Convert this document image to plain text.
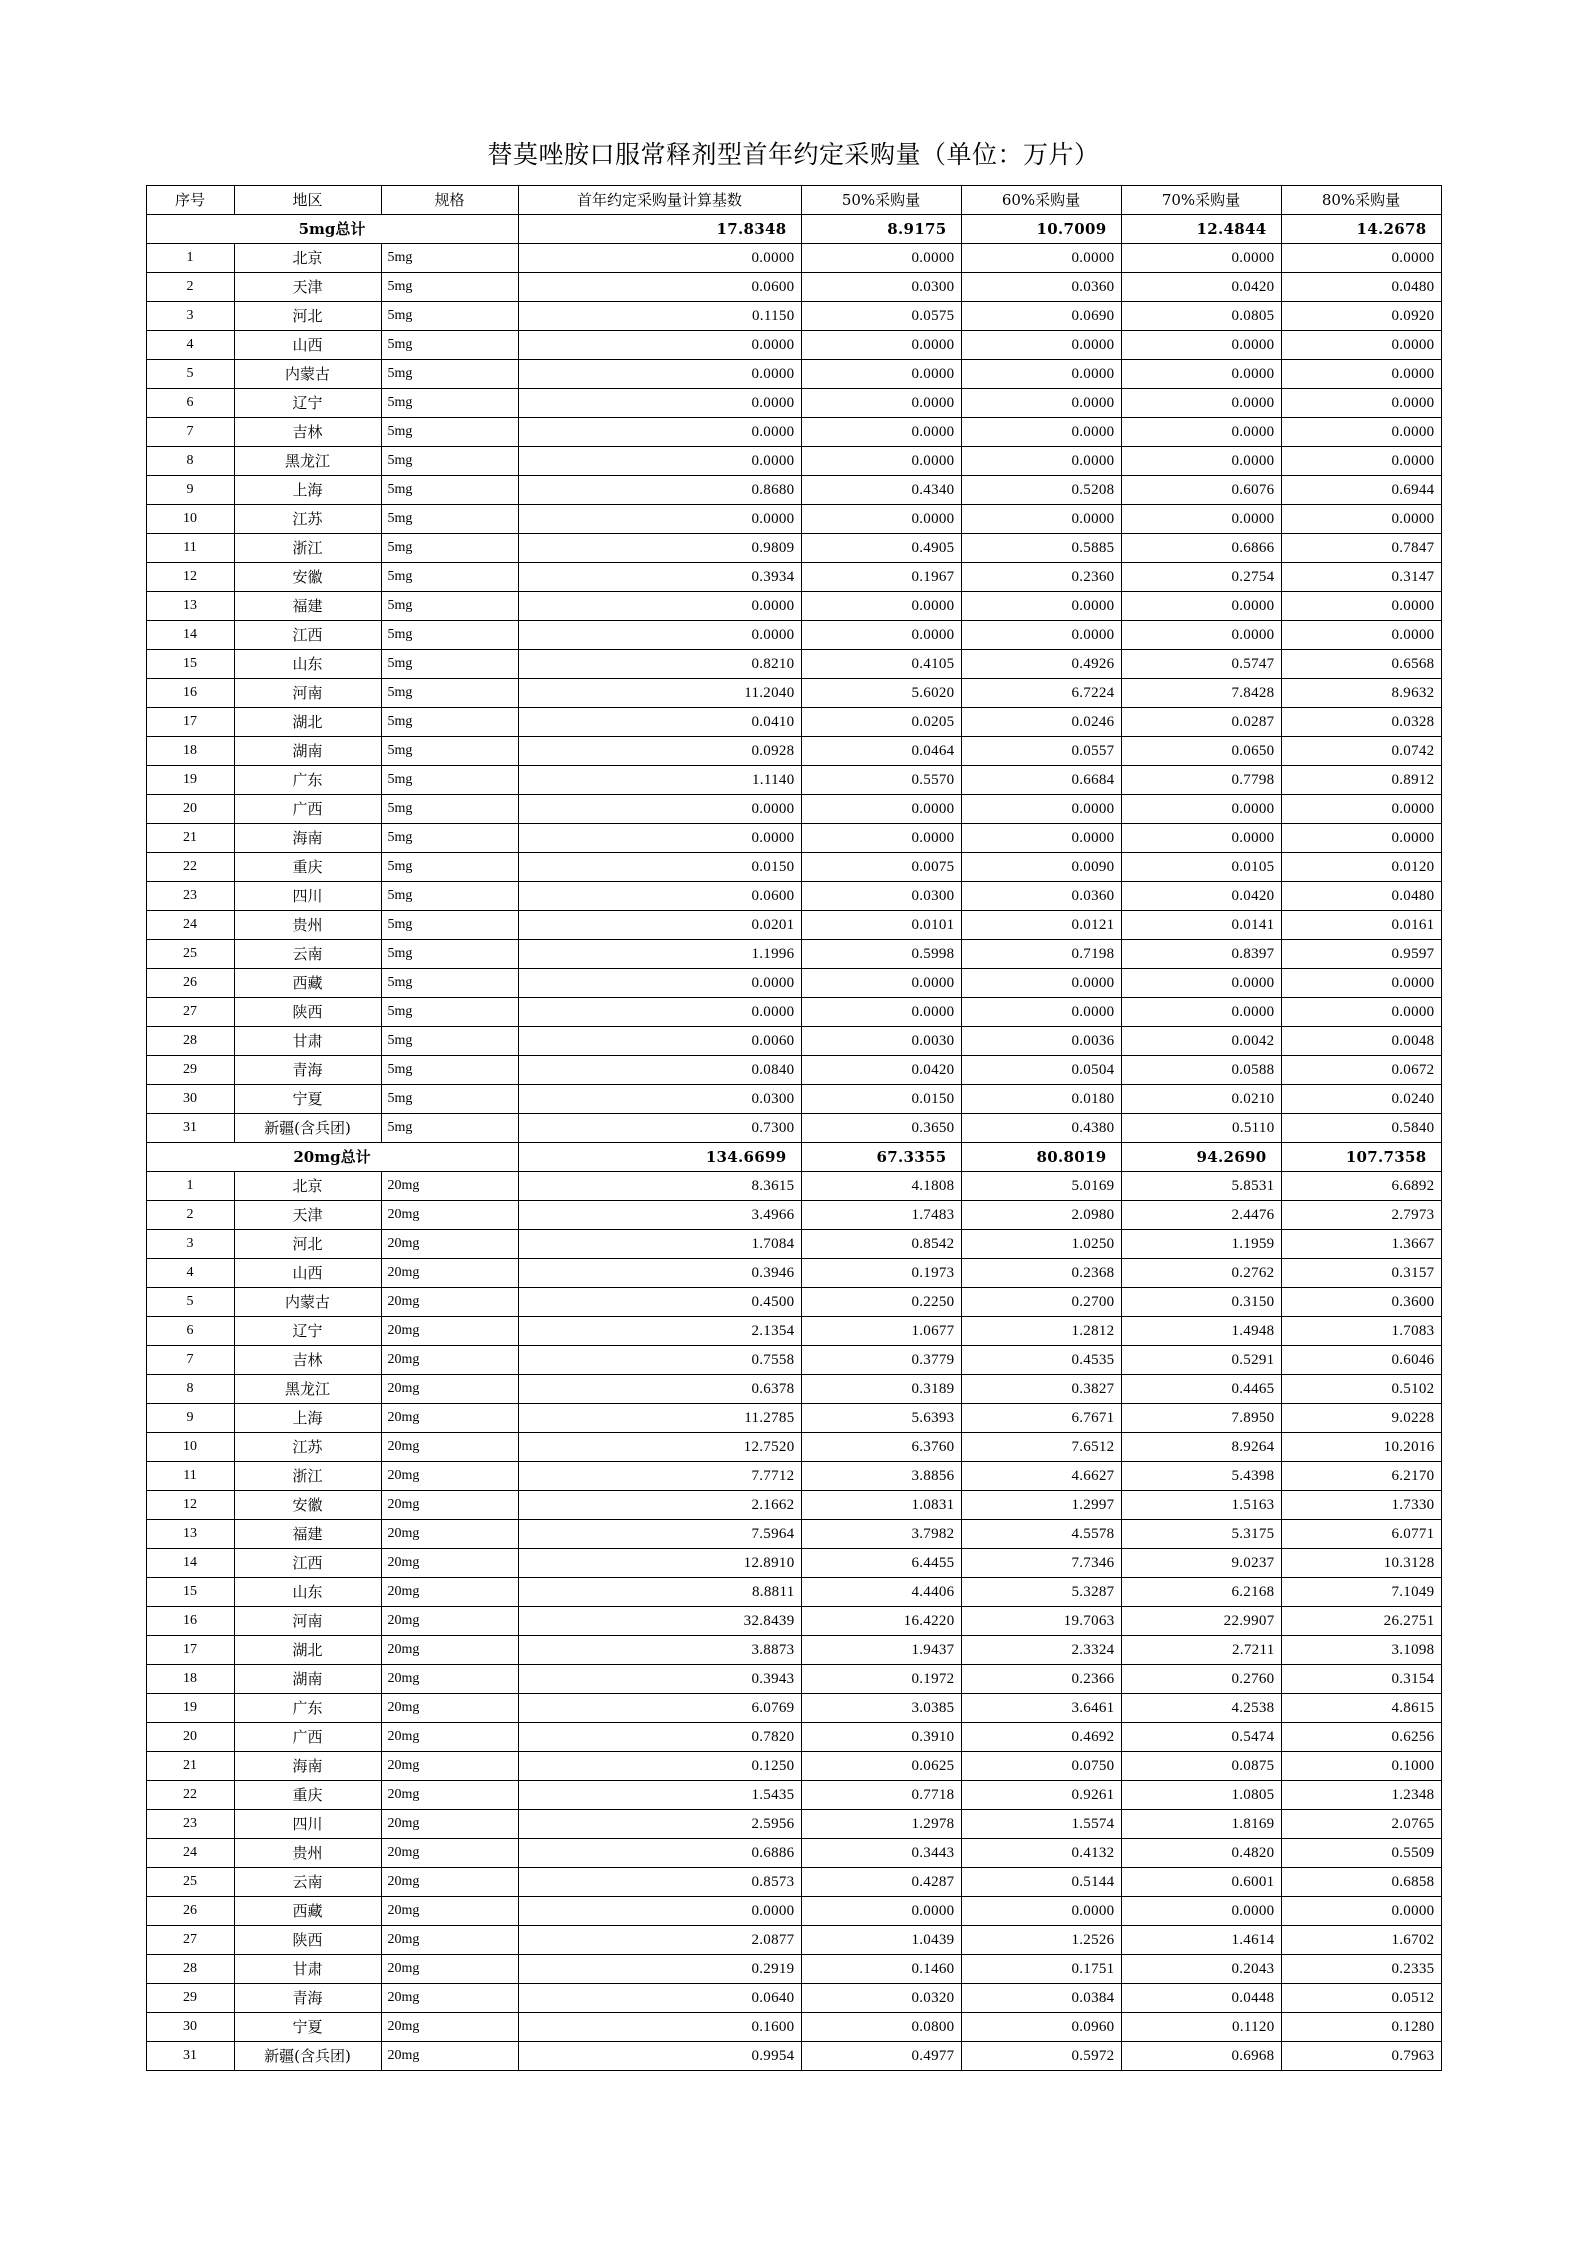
替莫唑胺口服常释剂型首年约定采购量（单位：万片）
序号	地区	规格	首年约定采购量计算基数	50%采购量	60%采购量	70%采购量	80%采购量
5mg总计			17.8348	8.9175	10.7009	12.4844	14.2678
1	北京	5mg	0.0000	0.0000	0.0000	0.0000	0.0000
2	天津	5mg	0.0600	0.0300	0.0360	0.0420	0.0480
3	河北	5mg	0.1150	0.0575	0.0690	0.0805	0.0920
4	山西	5mg	0.0000	0.0000	0.0000	0.0000	0.0000
5	内蒙古	5mg	0.0000	0.0000	0.0000	0.0000	0.0000
6	辽宁	5mg	0.0000	0.0000	0.0000	0.0000	0.0000
7	吉林	5mg	0.0000	0.0000	0.0000	0.0000	0.0000
8	黑龙江	5mg	0.0000	0.0000	0.0000	0.0000	0.0000
9	上海	5mg	0.8680	0.4340	0.5208	0.6076	0.6944
10	江苏	5mg	0.0000	0.0000	0.0000	0.0000	0.0000
11	浙江	5mg	0.9809	0.4905	0.5885	0.6866	0.7847
12	安徽	5mg	0.3934	0.1967	0.2360	0.2754	0.3147
13	福建	5mg	0.0000	0.0000	0.0000	0.0000	0.0000
14	江西	5mg	0.0000	0.0000	0.0000	0.0000	0.0000
15	山东	5mg	0.8210	0.4105	0.4926	0.5747	0.6568
16	河南	5mg	11.2040	5.6020	6.7224	7.8428	8.9632
17	湖北	5mg	0.0410	0.0205	0.0246	0.0287	0.0328
18	湖南	5mg	0.0928	0.0464	0.0557	0.0650	0.0742
19	广东	5mg	1.1140	0.5570	0.6684	0.7798	0.8912
20	广西	5mg	0.0000	0.0000	0.0000	0.0000	0.0000
21	海南	5mg	0.0000	0.0000	0.0000	0.0000	0.0000
22	重庆	5mg	0.0150	0.0075	0.0090	0.0105	0.0120
23	四川	5mg	0.0600	0.0300	0.0360	0.0420	0.0480
24	贵州	5mg	0.0201	0.0101	0.0121	0.0141	0.0161
25	云南	5mg	1.1996	0.5998	0.7198	0.8397	0.9597
26	西藏	5mg	0.0000	0.0000	0.0000	0.0000	0.0000
27	陕西	5mg	0.0000	0.0000	0.0000	0.0000	0.0000
28	甘肃	5mg	0.0060	0.0030	0.0036	0.0042	0.0048
29	青海	5mg	0.0840	0.0420	0.0504	0.0588	0.0672
30	宁夏	5mg	0.0300	0.0150	0.0180	0.0210	0.0240
31	新疆(含兵团)	5mg	0.7300	0.3650	0.4380	0.5110	0.5840
20mg总计			134.6699	67.3355	80.8019	94.2690	107.7358
1	北京	20mg	8.3615	4.1808	5.0169	5.8531	6.6892
2	天津	20mg	3.4966	1.7483	2.0980	2.4476	2.7973
3	河北	20mg	1.7084	0.8542	1.0250	1.1959	1.3667
4	山西	20mg	0.3946	0.1973	0.2368	0.2762	0.3157
5	内蒙古	20mg	0.4500	0.2250	0.2700	0.3150	0.3600
6	辽宁	20mg	2.1354	1.0677	1.2812	1.4948	1.7083
7	吉林	20mg	0.7558	0.3779	0.4535	0.5291	0.6046
8	黑龙江	20mg	0.6378	0.3189	0.3827	0.4465	0.5102
9	上海	20mg	11.2785	5.6393	6.7671	7.8950	9.0228
10	江苏	20mg	12.7520	6.3760	7.6512	8.9264	10.2016
11	浙江	20mg	7.7712	3.8856	4.6627	5.4398	6.2170
12	安徽	20mg	2.1662	1.0831	1.2997	1.5163	1.7330
13	福建	20mg	7.5964	3.7982	4.5578	5.3175	6.0771
14	江西	20mg	12.8910	6.4455	7.7346	9.0237	10.3128
15	山东	20mg	8.8811	4.4406	5.3287	6.2168	7.1049
16	河南	20mg	32.8439	16.4220	19.7063	22.9907	26.2751
17	湖北	20mg	3.8873	1.9437	2.3324	2.7211	3.1098
18	湖南	20mg	0.3943	0.1972	0.2366	0.2760	0.3154
19	广东	20mg	6.0769	3.0385	3.6461	4.2538	4.8615
20	广西	20mg	0.7820	0.3910	0.4692	0.5474	0.6256
21	海南	20mg	0.1250	0.0625	0.0750	0.0875	0.1000
22	重庆	20mg	1.5435	0.7718	0.9261	1.0805	1.2348
23	四川	20mg	2.5956	1.2978	1.5574	1.8169	2.0765
24	贵州	20mg	0.6886	0.3443	0.4132	0.4820	0.5509
25	云南	20mg	0.8573	0.4287	0.5144	0.6001	0.6858
26	西藏	20mg	0.0000	0.0000	0.0000	0.0000	0.0000
27	陕西	20mg	2.0877	1.0439	1.2526	1.4614	1.6702
28	甘肃	20mg	0.2919	0.1460	0.1751	0.2043	0.2335
29	青海	20mg	0.0640	0.0320	0.0384	0.0448	0.0512
30	宁夏	20mg	0.1600	0.0800	0.0960	0.1120	0.1280
31	新疆(含兵团)	20mg	0.9954	0.4977	0.5972	0.6968	0.7963
